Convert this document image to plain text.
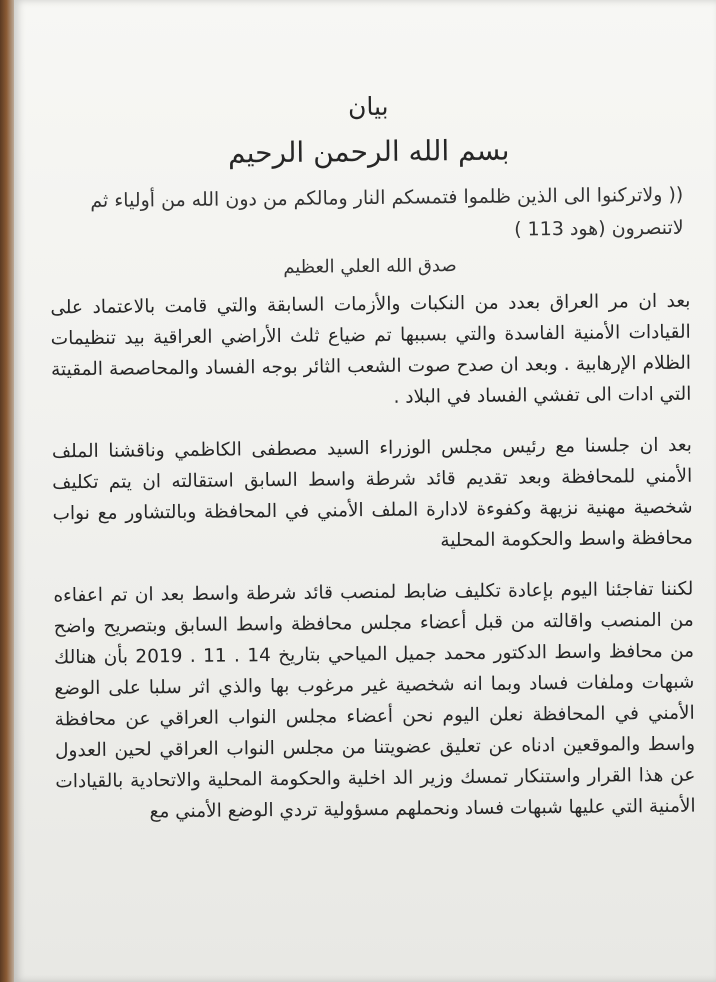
بيان
بسم الله الرحمن الرحيم
(( ولاتركنوا الى الذين ظلموا فتمسكم النار ومالكم من دون الله من أولياء ثم لاتنصرون (هود 113 )
صدق الله العلي العظيم

بعد ان مر العراق بعدد من النكبات والأزمات السابقة والتي قامت بالاعتماد على القيادات الأمنية الفاسدة والتي بسببها تم ضياع ثلث الأراضي العراقية بيد تنظيمات الظلام الإرهابية . وبعد ان صدح صوت الشعب الثائر بوجه الفساد والمحاصصة المقيتة التي ادات الى تفشي الفساد في البلاد .

بعد ان جلسنا مع رئيس مجلس الوزراء السيد مصطفى الكاظمي وناقشنا الملف الأمني للمحافظة وبعد تقديم قائد شرطة واسط السابق استقالته ان يتم تكليف شخصية مهنية نزيهة وكفوءة لادارة الملف الأمني في المحافظة وبالتشاور مع نواب محافظة واسط والحكومة المحلية

لكننا تفاجئنا اليوم بإعادة تكليف ضابط لمنصب قائد شرطة واسط بعد ان تم اعفاءه من المنصب واقالته من قبل أعضاء مجلس محافظة واسط السابق وبتصريح واضح من محافظ واسط الدكتور محمد جميل المياحي بتاريخ 14 . 11 . 2019 بأن هنالك شبهات وملفات فساد وبما انه شخصية غير مرغوب بها والذي اثر سلبا على الوضع الأمني في المحافظة نعلن اليوم نحن أعضاء مجلس النواب العراقي عن محافظة واسط والموقعين ادناه عن تعليق عضويتنا من مجلس النواب العراقي لحين العدول عن هذا القرار واستنكار تمسك وزير الد اخلية والحكومة المحلية والاتحادية بالقيادات الأمنية التي عليها شبهات فساد ونحملهم مسؤولية تردي الوضع الأمني مع
